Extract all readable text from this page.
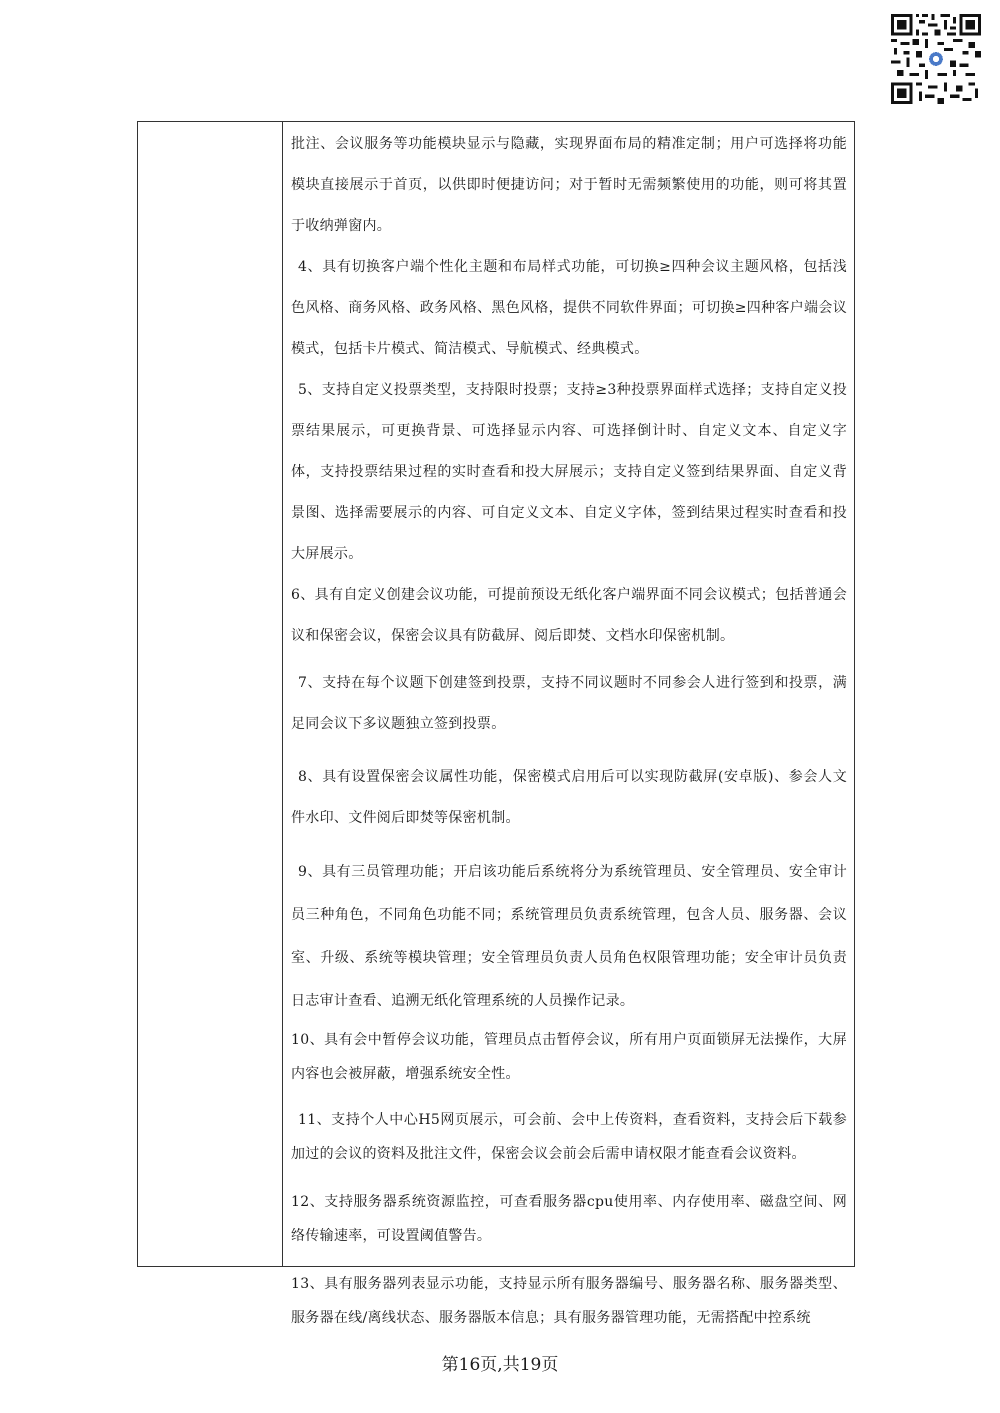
批注、会议服务等功能模块显示与隐藏，实现界面布局的精准定制；用户可选择将功能模块直接展示于首页，以供即时便捷访问；对于暂时无需频繁使用的功能，则可将其置于收纳弹窗内。

4、具有切换客户端个性化主题和布局样式功能，可切换≥四种会议主题风格，包括浅色风格、商务风格、政务风格、黑色风格，提供不同软件界面；可切换≥四种客户端会议模式，包括卡片模式、简洁模式、导航模式、经典模式。

5、支持自定义投票类型，支持限时投票；支持≥3种投票界面样式选择；支持自定义投票结果展示，可更换背景、可选择显示内容、可选择倒计时、自定义文本、自定义字体，支持投票结果过程的实时查看和投大屏展示；支持自定义签到结果界面、自定义背景图、选择需要展示的内容、可自定义文本、自定义字体，签到结果过程实时查看和投大屏展示。

6、具有自定义创建会议功能，可提前预设无纸化客户端界面不同会议模式；包括普通会议和保密会议，保密会议具有防截屏、阅后即焚、文档水印保密机制。

7、支持在每个议题下创建签到投票，支持不同议题时不同参会人进行签到和投票，满足同会议下多议题独立签到投票。

8、具有设置保密会议属性功能，保密模式启用后可以实现防截屏(安卓版)、参会人文件水印、文件阅后即焚等保密机制。

9、具有三员管理功能；开启该功能后系统将分为系统管理员、安全管理员、安全审计员三种角色，不同角色功能不同；系统管理员负责系统管理，包含人员、服务器、会议室、升级、系统等模块管理；安全管理员负责人员角色权限管理功能；安全审计员负责日志审计查看、追溯无纸化管理系统的人员操作记录。

10、具有会中暂停会议功能，管理员点击暂停会议，所有用户页面锁屏无法操作，大屏内容也会被屏蔽，增强系统安全性。

11、支持个人中心H5网页展示，可会前、会中上传资料，查看资料，支持会后下载参加过的会议的资料及批注文件，保密会议会前会后需申请权限才能查看会议资料。

12、支持服务器系统资源监控，可查看服务器cpu使用率、内存使用率、磁盘空间、网络传输速率，可设置阈值警告。

13、具有服务器列表显示功能，支持显示所有服务器编号、服务器名称、服务器类型、服务器在线/离线状态、服务器版本信息；具有服务器管理功能，无需搭配中控系统

第16页,共19页
